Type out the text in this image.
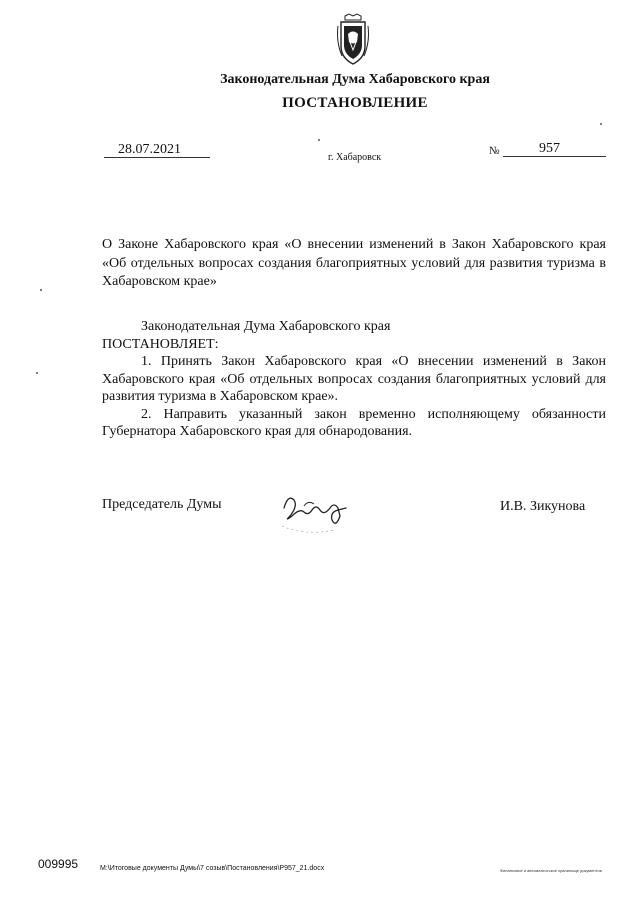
Законодательная Дума Хабаровского края
ПОСТАНОВЛЕНИЕ
28.07.2021
г. Хабаровск
№	957
О Законе Хабаровского края «О внесении изменений в Закон Хабаровского края «Об отдельных вопросах создания благоприятных условий для развития туризма в Хабаровском крае»

Законодательная Дума Хабаровского края

ПОСТАНОВЛЯЕТ:

1. Принять Закон Хабаровского края «О внесении изменений в Закон Хабаровского края «Об отдельных вопросах создания благоприятных условий для развития туризма в Хабаровском крае».

2. Направить указанный закон временно исполняющему обязанности Губернатора Хабаровского края для обнародования.

Председатель Думы	И.В. Зикунова
009995	M:\Итоговые документы Думы\7 созыв\Постановления\Р957_21.docx	Финансовое и автоматическое хранилище документов
